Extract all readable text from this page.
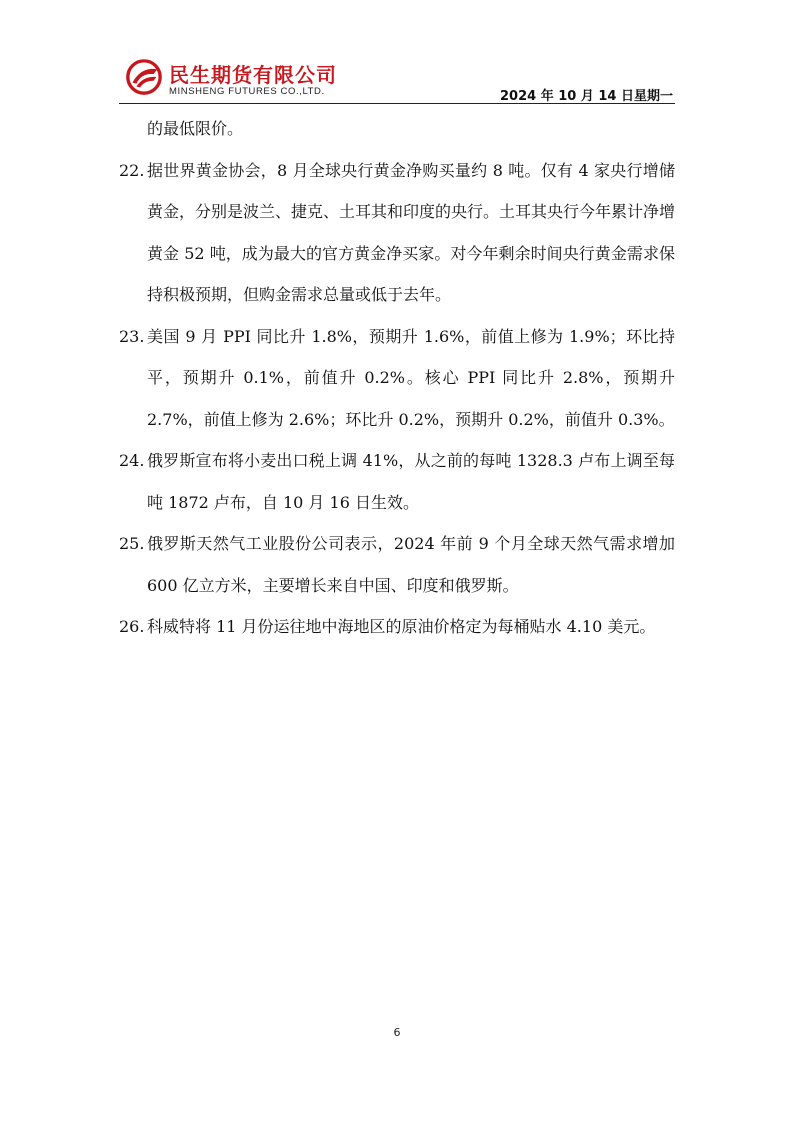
民生期货有限公司
MINSHENG FUTURES CO.,LTD.	2024 年 10 月 14 日星期一

的最低限价。

22. 据世界黄金协会，8 月全球央行黄金净购买量约 8 吨。仅有 4 家央行增储黄金，分别是波兰、捷克、土耳其和印度的央行。土耳其央行今年累计净增黄金 52 吨，成为最大的官方黄金净买家。对今年剩余时间央行黄金需求保持积极预期，但购金需求总量或低于去年。

23. 美国 9 月 PPI 同比升 1.8%，预期升 1.6%，前值上修为 1.9%；环比持平，预期升 0.1%，前值升 0.2%。核心 PPI 同比升 2.8%，预期升 2.7%，前值上修为 2.6%；环比升 0.2%，预期升 0.2%，前值升 0.3%。

24. 俄罗斯宣布将小麦出口税上调 41%，从之前的每吨 1328.3 卢布上调至每吨 1872 卢布，自 10 月 16 日生效。

25. 俄罗斯天然气工业股份公司表示，2024 年前 9 个月全球天然气需求增加 600 亿立方米，主要增长来自中国、印度和俄罗斯。

26. 科威特将 11 月份运往地中海地区的原油价格定为每桶贴水 4.10 美元。

6
